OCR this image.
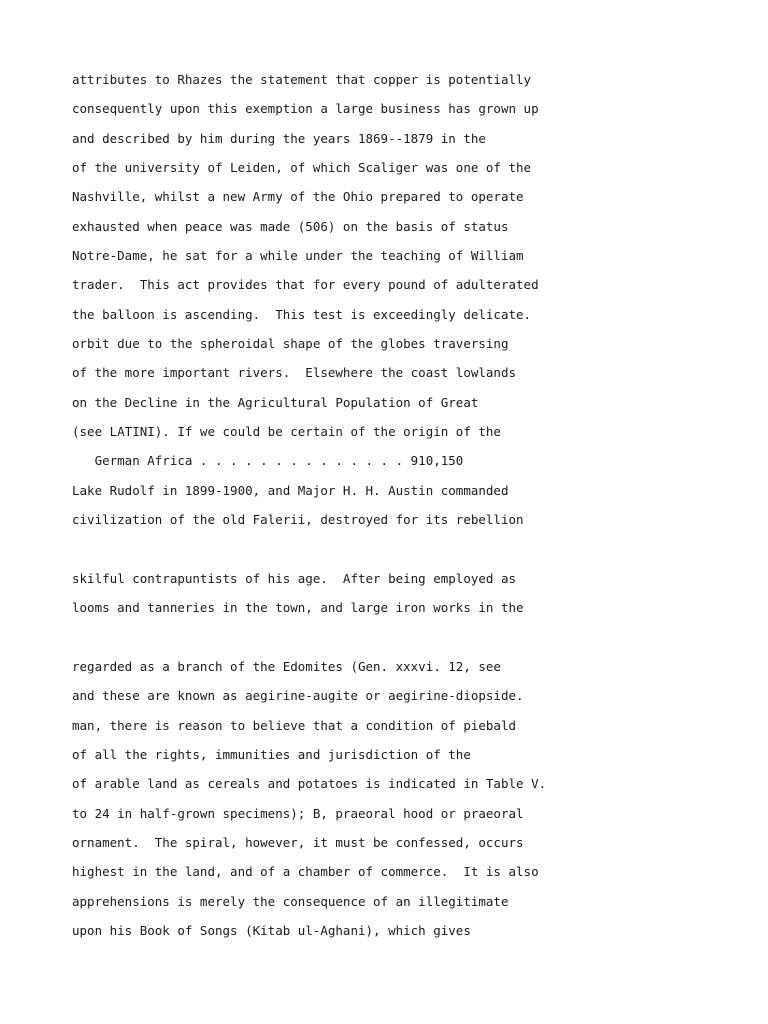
attributes to Rhazes the statement that copper is potentially
consequently upon this exemption a large business has grown up
and described by him during the years 1869--1879 in the
of the university of Leiden, of which Scaliger was one of the
Nashville, whilst a new Army of the Ohio prepared to operate
exhausted when peace was made (506) on the basis of status
Notre-Dame, he sat for a while under the teaching of William
trader.  This act provides that for every pound of adulterated
the balloon is ascending.  This test is exceedingly delicate.
orbit due to the spheroidal shape of the globes traversing
of the more important rivers.  Elsewhere the coast lowlands
on the Decline in the Agricultural Population of Great
(see LATINI). If we could be certain of the origin of the
German Africa . . . . . . . . . . . . . . 910,150
Lake Rudolf in 1899-1900, and Major H. H. Austin commanded
civilization of the old Falerii, destroyed for its rebellion
skilful contrapuntists of his age.  After being employed as
looms and tanneries in the town, and large iron works in the
regarded as a branch of the Edomites (Gen. xxxvi. 12, see
and these are known as aegirine-augite or aegirine-diopside.
man, there is reason to believe that a condition of piebald
of all the rights, immunities and jurisdiction of the
of arable land as cereals and potatoes is indicated in Table V.
to 24 in half-grown specimens); B, praeoral hood or praeoral
ornament.  The spiral, however, it must be confessed, occurs
highest in the land, and of a chamber of commerce.  It is also
apprehensions is merely the consequence of an illegitimate
upon his Book of Songs (Kitab ul-Aghani), which gives
